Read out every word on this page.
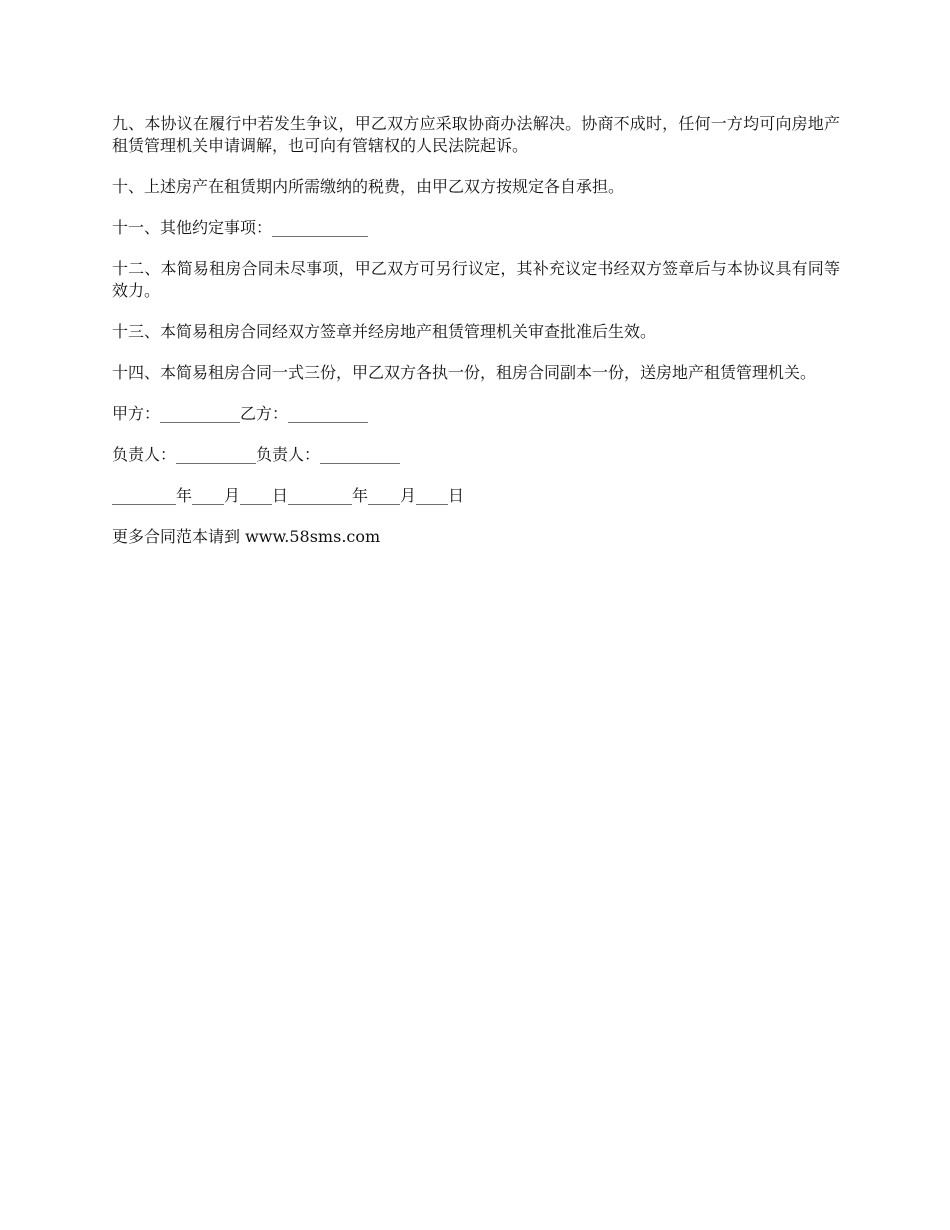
九、本协议在履行中若发生争议，甲乙双方应采取协商办法解决。协商不成时，任何一方均可向房地产租赁管理机关申请调解，也可向有管辖权的人民法院起诉。

十、上述房产在租赁期内所需缴纳的税费，由甲乙双方按规定各自承担。

十一、其他约定事项：____________

十二、本简易租房合同未尽事项，甲乙双方可另行议定，其补充议定书经双方签章后与本协议具有同等效力。

十三、本简易租房合同经双方签章并经房地产租赁管理机关审查批准后生效。

十四、本简易租房合同一式三份，甲乙双方各执一份，租房合同副本一份，送房地产租赁管理机关。

甲方：__________乙方：__________

负责人：__________负责人：__________

________年____月____日________年____月____日

更多合同范本请到 www.58sms.com
